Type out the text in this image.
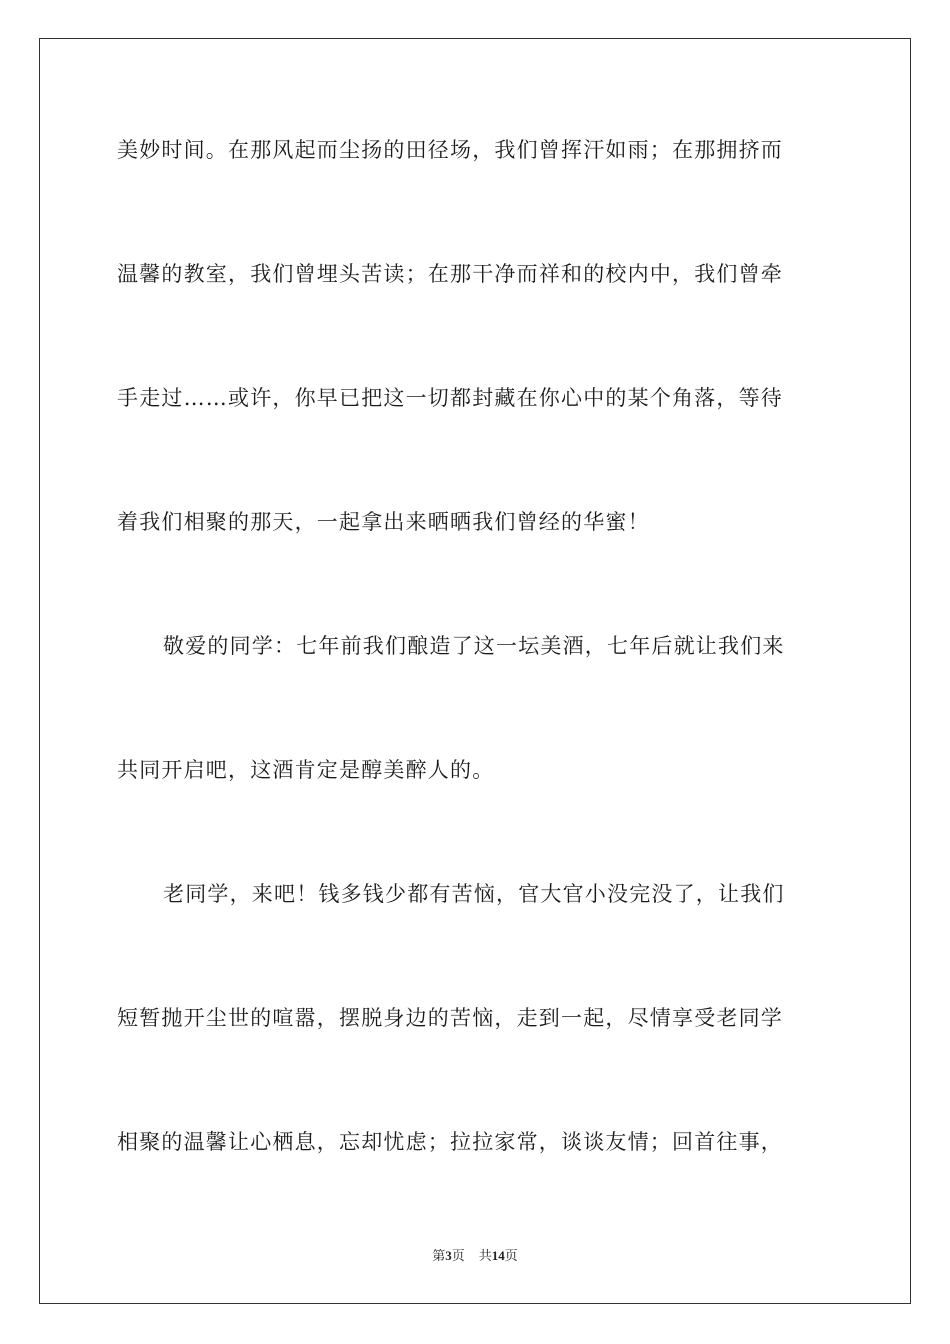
美妙时间。在那风起而尘扬的田径场，我们曾挥汗如雨；在那拥挤而
温馨的教室，我们曾埋头苦读；在那干净而祥和的校内中，我们曾牵
手走过……或许，你早已把这一切都封藏在你心中的某个角落，等待
着我们相聚的那天，一起拿出来晒晒我们曾经的华蜜！
敬爱的同学：七年前我们酿造了这一坛美酒，七年后就让我们来
共同开启吧，这酒肯定是醇美醉人的。
老同学，来吧！钱多钱少都有苦恼，官大官小没完没了，让我们
短暂抛开尘世的喧嚣，摆脱身边的苦恼，走到一起，尽情享受老同学
相聚的温馨让心栖息，忘却忧虑；拉拉家常，谈谈友情；回首往事，
第3页 共14页
